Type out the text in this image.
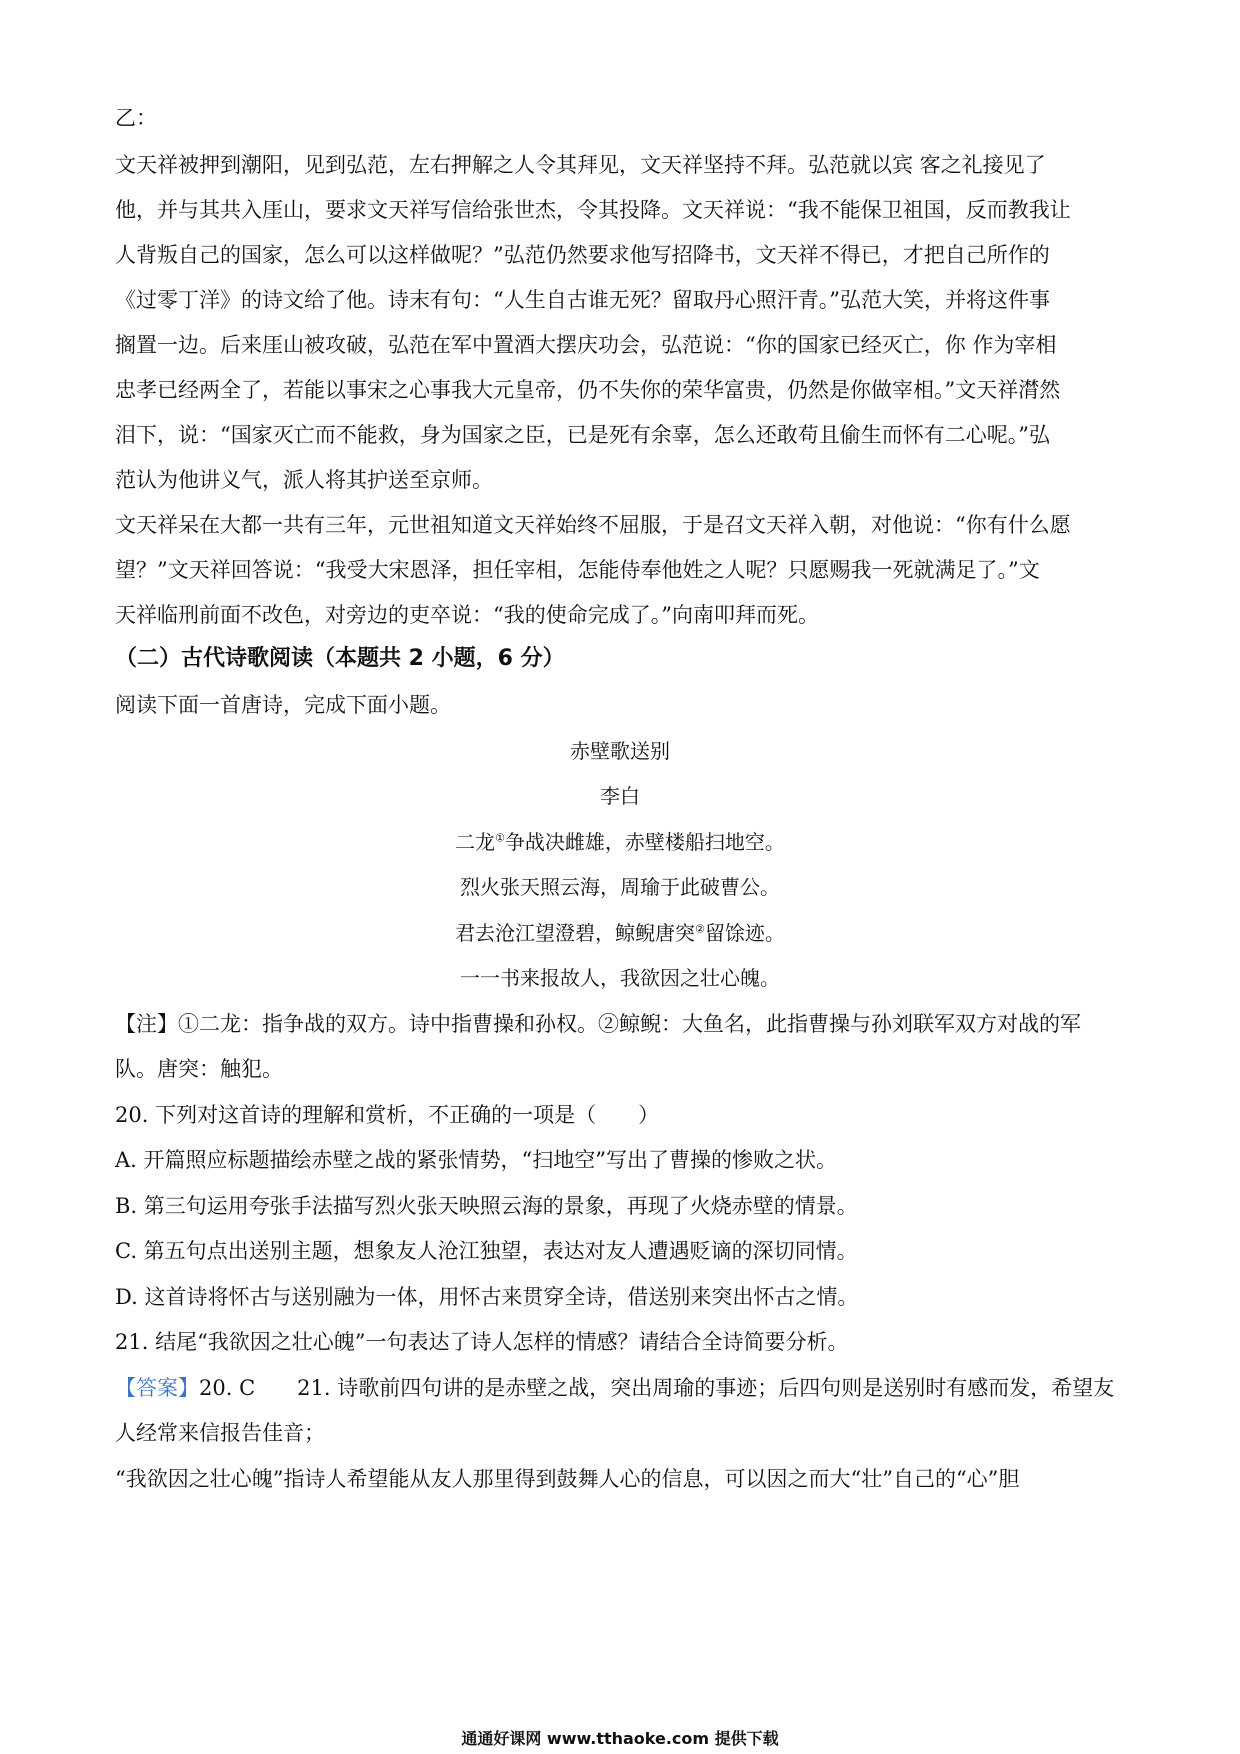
乙：
文天祥被押到潮阳，见到弘范，左右押解之人令其拜见，文天祥坚持不拜。弘范就以宾 客之礼接见了
他，并与其共入厓山，要求文天祥写信给张世杰，令其投降。文天祥说：“我不能保卫祖国，反而教我让
人背叛自己的国家，怎么可以这样做呢？”弘范仍然要求他写招降书，文天祥不得已，才把自己所作的
《过零丁洋》的诗文给了他。诗末有句：“人生自古谁无死？留取丹心照汗青。”弘范大笑，并将这件事
搁置一边。后来厓山被攻破，弘范在军中置酒大摆庆功会，弘范说：“你的国家已经灭亡，你 作为宰相
忠孝已经两全了，若能以事宋之心事我大元皇帝，仍不失你的荣华富贵，仍然是你做宰相。”文天祥潸然
泪下，说：“国家灭亡而不能救，身为国家之臣，已是死有余辜，怎么还敢苟且偷生而怀有二心呢。”弘
范认为他讲义气，派人将其护送至京师。
文天祥呆在大都一共有三年，元世祖知道文天祥始终不屈服，于是召文天祥入朝，对他说：“你有什么愿
望？”文天祥回答说：“我受大宋恩泽，担任宰相，怎能侍奉他姓之人呢？只愿赐我一死就满足了。”文
天祥临刑前面不改色，对旁边的吏卒说：“我的使命完成了。”向南叩拜而死。
（二）古代诗歌阅读（本题共 2 小题，6 分）
阅读下面一首唐诗，完成下面小题。
赤壁歌送别
李白
二龙①争战决雌雄，赤壁楼船扫地空。
烈火张天照云海，周瑜于此破曹公。
君去沧江望澄碧，鲸鲵唐突②留馀迹。
一一书来报故人，我欲因之壮心魄。
【注】①二龙：指争战的双方。诗中指曹操和孙权。②鲸鲵：大鱼名，此指曹操与孙刘联军双方对战的军
队。唐突：触犯。
20. 下列对这首诗的理解和赏析，不正确的一项是（　　）
A. 开篇照应标题描绘赤壁之战的紧张情势，“扫地空”写出了曹操的惨败之状。
B. 第三句运用夸张手法描写烈火张天映照云海的景象，再现了火烧赤壁的情景。
C. 第五句点出送别主题，想象友人沧江独望，表达对友人遭遇贬谪的深切同情。
D. 这首诗将怀古与送别融为一体，用怀古来贯穿全诗，借送别来突出怀古之情。
21. 结尾“我欲因之壮心魄”一句表达了诗人怎样的情感？请结合全诗简要分析。
【答案】20. C　　21. 诗歌前四句讲的是赤壁之战，突出周瑜的事迹；后四句则是送别时有感而发，希望友
人经常来信报告佳音；
“我欲因之壮心魄”指诗人希望能从友人那里得到鼓舞人心的信息，可以因之而大“壮”自己的“心”胆
通通好课网 www.tthaoke.com 提供下载
